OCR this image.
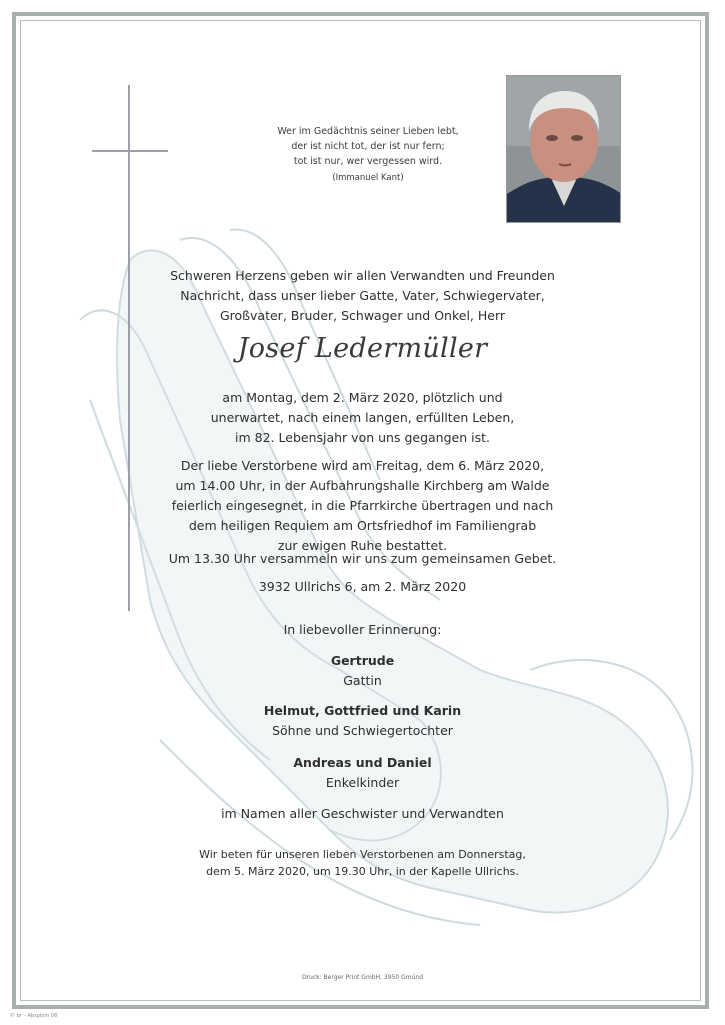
Wer im Gedächtnis seiner Lieben lebt,
der ist nicht tot, der ist nur fern;
tot ist nur, wer vergessen wird.
(Immanuel Kant)
Schweren Herzens geben wir allen Verwandten und Freunden
Nachricht, dass unser lieber Gatte, Vater, Schwiegervater,
Großvater, Bruder, Schwager und Onkel, Herr
Josef Ledermüller
am Montag, dem 2. März 2020, plötzlich und
unerwartet, nach einem langen, erfüllten Leben,
im 82. Lebensjahr von uns gegangen ist.
Der liebe Verstorbene wird am Freitag, dem 6. März 2020,
um 14.00 Uhr, in der Aufbahrungshalle Kirchberg am Walde
feierlich eingesegnet, in die Pfarrkirche übertragen und nach
dem heiligen Requiem am Ortsfriedhof im Familiengrab
zur ewigen Ruhe bestattet.
Um 13.30 Uhr versammeln wir uns zum gemeinsamen Gebet.
3932 Ullrichs 6, am 2. März 2020
In liebevoller Erinnerung:
Gertrude
Gattin
Helmut, Gottfried und Karin
Söhne und Schwiegertochter
Andreas und Daniel
Enkelkinder
im Namen aller Geschwister und Verwandten
Wir beten für unseren lieben Verstorbenen am Donnerstag,
dem 5. März 2020, um 19.30 Uhr, in der Kapelle Ullrichs.
Druck: Berger Print GmbH, 3950 Gmünd
© br – Absplom 08
